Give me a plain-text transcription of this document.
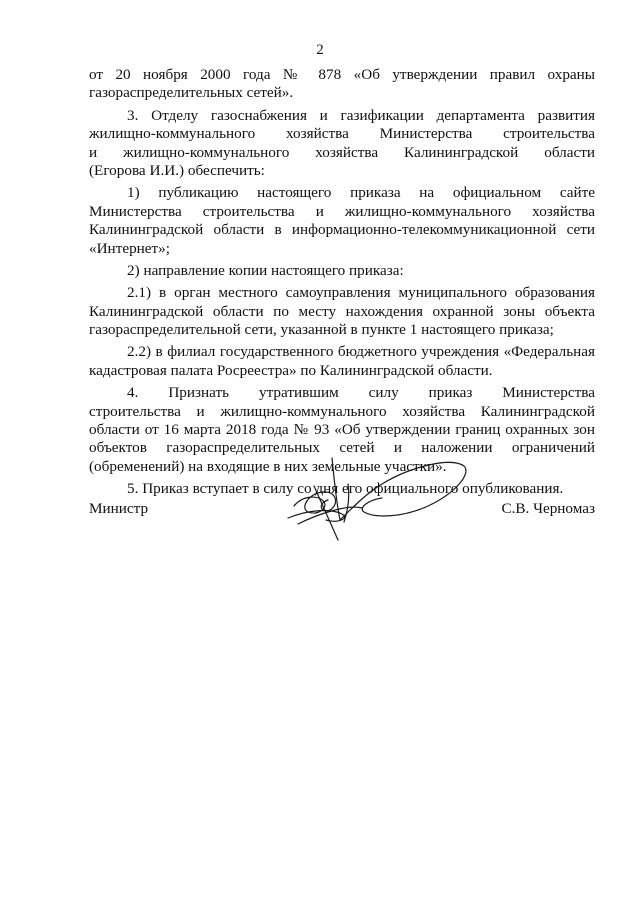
2
от 20 ноября 2000 года № 878 «Об утверждении правил охраны
газораспределительных сетей».
3. Отделу газоснабжения и газификации департамента развития
жилищно-коммунального хозяйства Министерства строительства
и жилищно-коммунального хозяйства Калининградской области
(Егорова И.И.) обеспечить:
1) публикацию настоящего приказа на официальном сайте
Министерства строительства и жилищно-коммунального хозяйства
Калининградской области в информационно-телекоммуникационной сети
«Интернет»;
2) направление копии настоящего приказа:
2.1) в орган местного самоуправления муниципального образования
Калининградской области по месту нахождения охранной зоны объекта
газораспределительной сети, указанной в пункте 1 настоящего приказа;
2.2) в филиал государственного бюджетного учреждения «Федеральная
кадастровая палата Росреестра» по Калининградской области.
4. Признать утратившим силу приказ Министерства
строительства и жилищно-коммунального хозяйства Калининградской
области от 16 марта 2018 года № 93 «Об утверждении границ охранных зон
объектов газораспределительных сетей и наложении ограничений
(обременений) на входящие в них земельные участки».
5. Приказ вступает в силу со дня его официального опубликования.
Министр	С.В. Черномаз
